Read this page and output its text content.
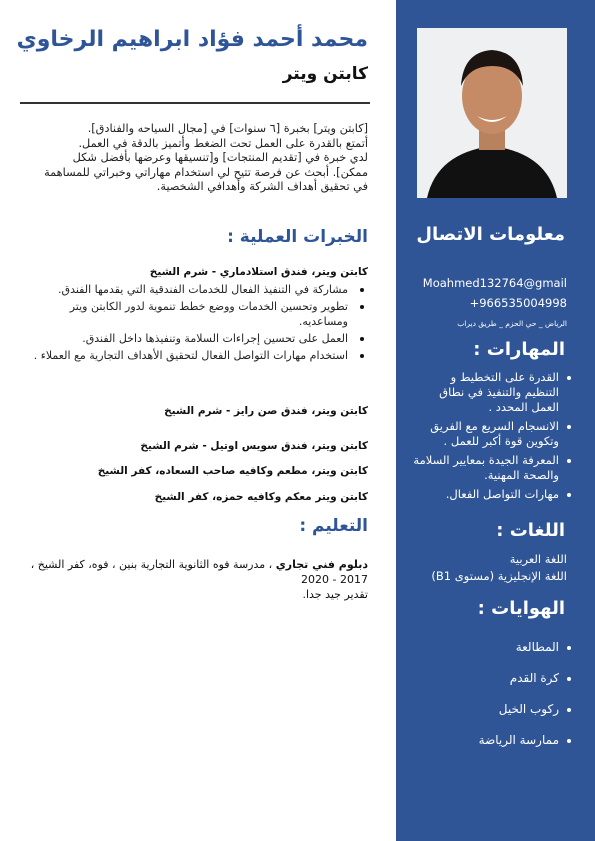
معلومات الاتصال
Moahmed132764@gmail
+966535004998
الرياض _ حي الحزم _ طريق ديراب
المهارات :
القدرة على التخطيط و التنظيم والتنفيذ في نطاق العمل المحدد .
الانسجام السريع مع الفريق وتكوين قوة أكبر للعمل .
المعرفة الجيدة بمعايير السلامة والصحة المهنية.
مهارات التواصل الفعال.
اللغات :
اللغة العربية
اللغة الإنجليزية (مستوى B1)
الهوايات :
المطالعة
كرة القدم
ركوب الخيل
ممارسة الرياضة
محمد أحمد فؤاد ابراهيم الرخاوي
كابتن ويتر
[كابتن ويتر] بخبرة [٦ سنوات] في [مجال السياحه والفنادق].
أتمتع بالقدرة على العمل تحت الضغط وأتميز بالدقة في العمل.
لدي خبرة في [تقديم المنتجات] و[تنسيقها وعرضها بأفضل شكل
ممكن]. أبحث عن فرصة تتيح لي استخدام مهاراتي وخبراتي للمساهمة
في تحقيق أهداف الشركة وأهدافي الشخصية.
الخبرات العملية :
كابتن ويتر، فندق استلادماري - شرم الشيخ
مشاركة في التنفيذ الفعال للخدمات الفندقية التي يقدمها الفندق.
تطوير وتحسين الخدمات ووضع خطط تنموية لدور الكابتن ويتر ومساعديه.
العمل على تحسين إجراءات السلامة وتنفيذها داخل الفندق.
استخدام مهارات التواصل الفعال لتحقيق الأهداف التجارية مع العملاء .
كابتن ويتر، فندق صن رايز - شرم الشيخ
كابتن ويتر، فندق سويس اوتيل - شرم الشيخ
كابتن ويتر، مطعم وكافيه صاحب السعاده، كفر الشيخ
كابتن ويتر معكم وكافيه حمزه، كفر الشيخ
التعليم :
دبلوم فني تجاري ، مدرسة فوه الثانوية التجارية بنين ، فوه، كفر الشيخ ،
2017 - 2020
تقدير جيد جدا.
